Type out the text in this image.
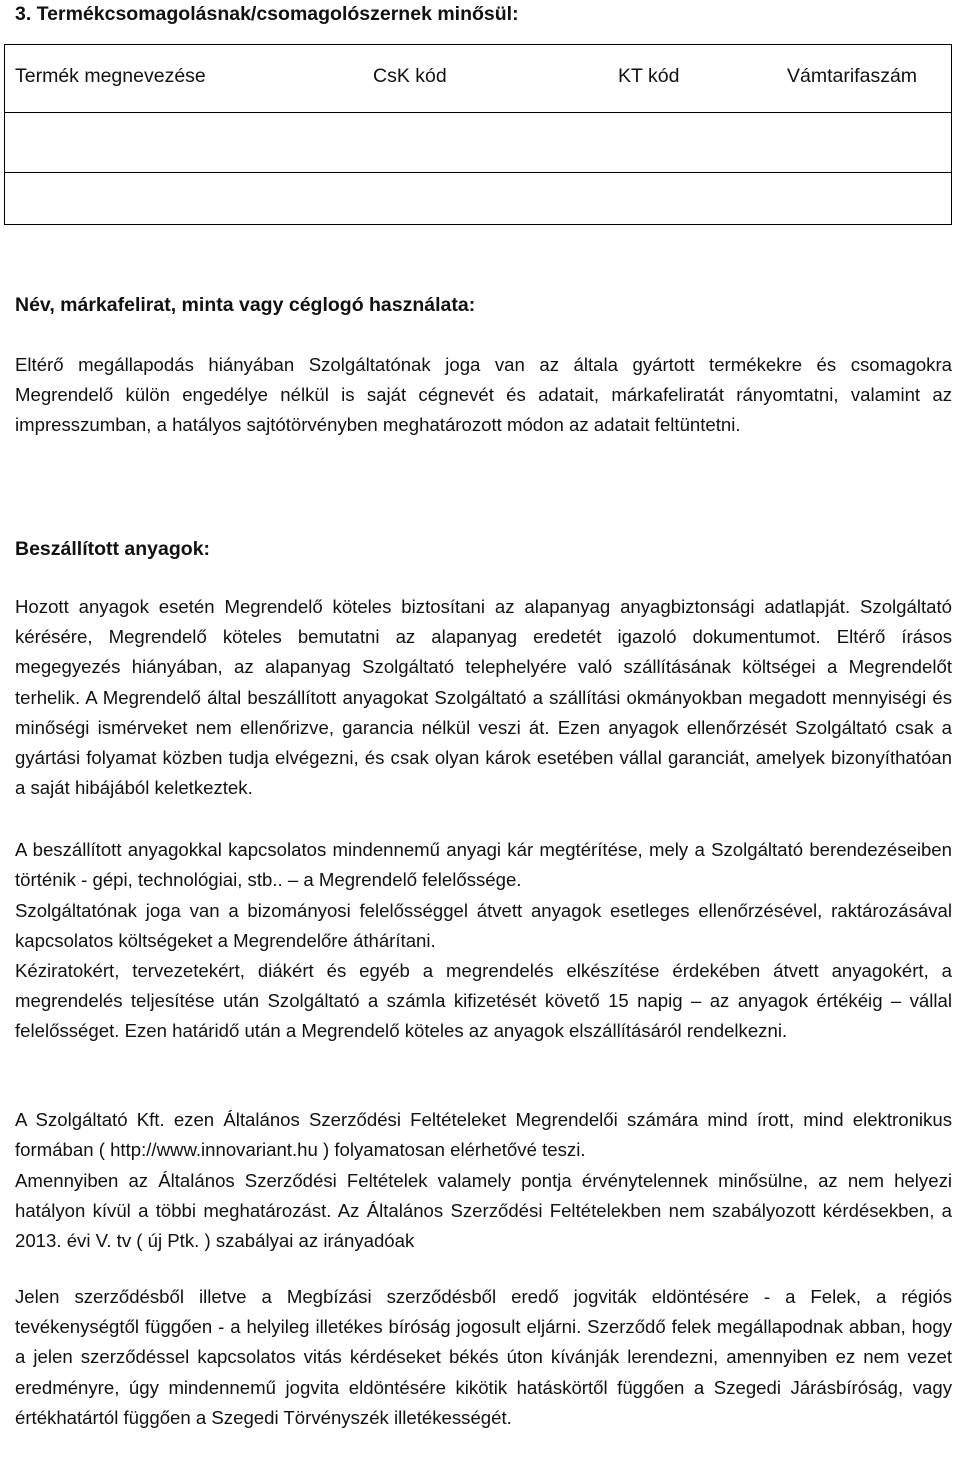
3. Termékcsomagolásnak/csomagolószernek minősül:
Termék megnevezése	CsK kód	KT kód	Vámtarifaszám
Név, márkafelirat, minta vagy céglogó használata:

Eltérő megállapodás hiányában Szolgáltatónak joga van az általa gyártott termékekre és csomagokra Megrendelő külön engedélye nélkül is saját cégnevét és adatait, márkafeliratát rányomtatni, valamint az impresszumban, a hatályos sajtótörvényben meghatározott módon az adatait feltüntetni.

Beszállított anyagok:

Hozott anyagok esetén Megrendelő köteles biztosítani az alapanyag anyagbiztonsági adatlapját. Szolgáltató kérésére, Megrendelő köteles bemutatni az alapanyag eredetét igazoló dokumentumot. Eltérő írásos megegyezés hiányában, az alapanyag Szolgáltató telephelyére való szállításának költségei a Megrendelőt terhelik. A Megrendelő által beszállított anyagokat Szolgáltató a szállítási okmányokban megadott mennyiségi és minőségi ismérveket nem ellenőrizve, garancia nélkül veszi át. Ezen anyagok ellenőrzését Szolgáltató csak a gyártási folyamat közben tudja elvégezni, és csak olyan károk esetében vállal garanciát, amelyek bizonyíthatóan a saját hibájából keletkeztek.

A beszállított anyagokkal kapcsolatos mindennemű anyagi kár megtérítése, mely a Szolgáltató berendezéseiben történik - gépi, technológiai, stb.. – a Megrendelő felelőssége.

Szolgáltatónak joga van a bizományosi felelősséggel átvett anyagok esetleges ellenőrzésével, raktározásával kapcsolatos költségeket a Megrendelőre áthárítani.

Kéziratokért, tervezetekért, diákért és egyéb a megrendelés elkészítése érdekében átvett anyagokért, a megrendelés teljesítése után Szolgáltató a számla kifizetését követő 15 napig – az anyagok értékéig – vállal felelősséget. Ezen határidő után a Megrendelő köteles az anyagok elszállításáról rendelkezni.

A Szolgáltató Kft. ezen Általános Szerződési Feltételeket Megrendelői számára mind írott, mind elektronikus formában ( http://www.innovariant.hu ) folyamatosan elérhetővé teszi.

Amennyiben az Általános Szerződési Feltételek valamely pontja érvénytelennek minősülne, az nem helyezi hatályon kívül a többi meghatározást. Az Általános Szerződési Feltételekben nem szabályozott kérdésekben, a 2013. évi V. tv ( új Ptk. ) szabályai az irányadóak

Jelen szerződésből illetve a Megbízási szerződésből eredő jogviták eldöntésére - a Felek, a régiós tevékenységtől függően - a helyileg illetékes bíróság jogosult eljárni. Szerződő felek megállapodnak abban, hogy a jelen szerződéssel kapcsolatos vitás kérdéseket békés úton kívánják lerendezni, amennyiben ez nem vezet eredményre, úgy mindennemű jogvita eldöntésére kikötik hatáskörtől függően a Szegedi Járásbíróság, vagy értékhatártól függően a Szegedi Törvényszék illetékességét.
